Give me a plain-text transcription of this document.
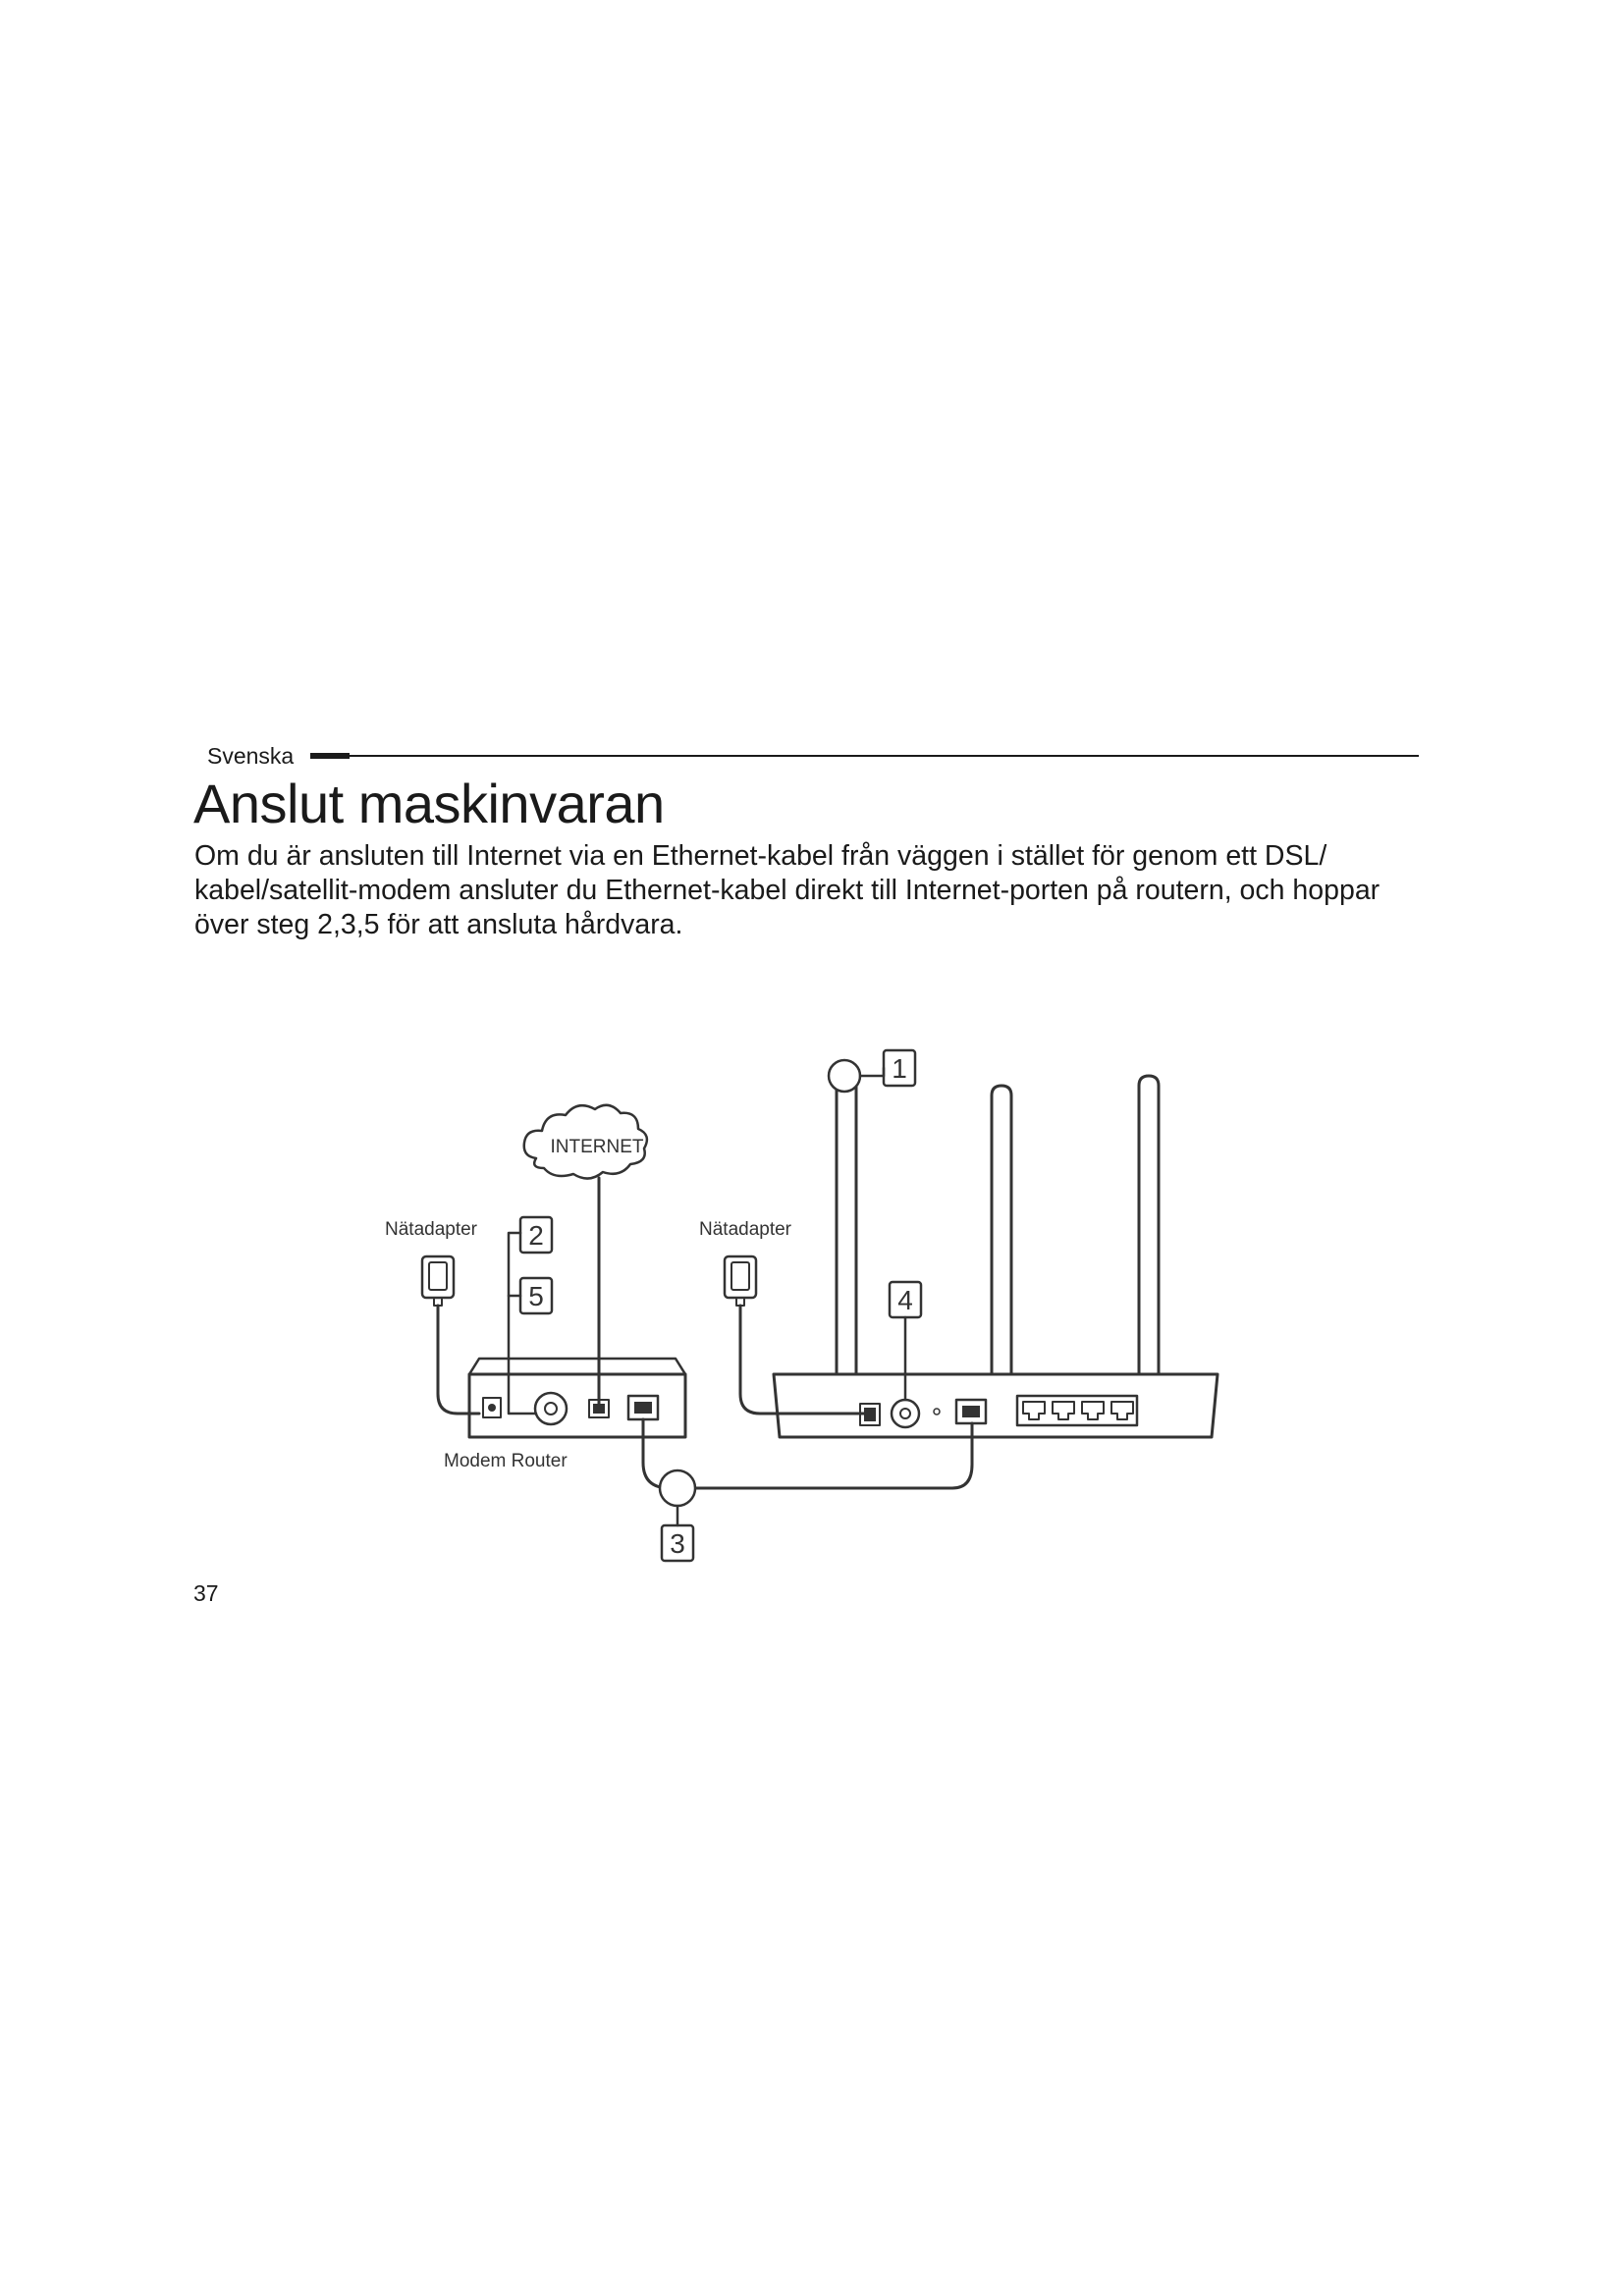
Svenska
Anslut maskinvaran

Om du är ansluten till Internet via en Ethernet-kabel från väggen i stället för genom ett DSL/ kabel/satellit-modem ansluter du Ethernet-kabel direkt till Internet-porten på routern, och hoppar över steg 2,3,5 för att ansluta hårdvara.

INTERNET
Nätadapter 2
5
Modem Router
3
Nätadapter
1
4
37
